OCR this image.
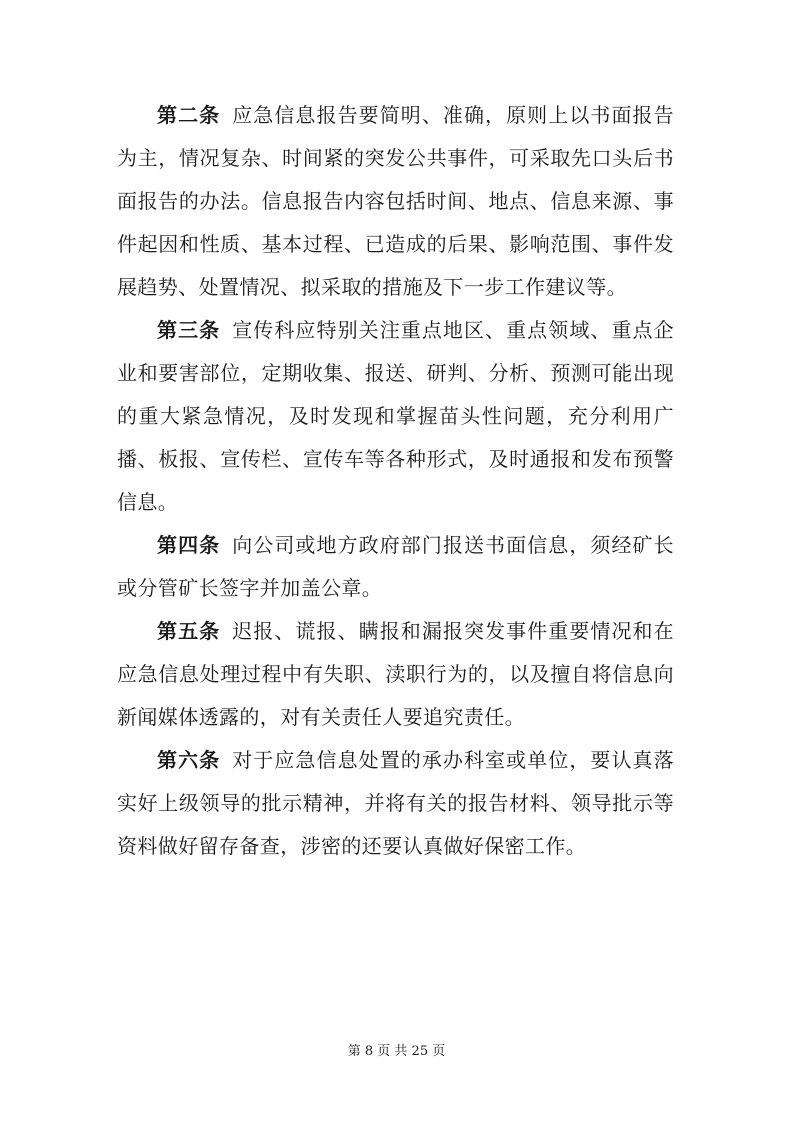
第二条 应急信息报告要简明、准确，原则上以书面报告为主，情况复杂、时间紧的突发公共事件，可采取先口头后书面报告的办法。信息报告内容包括时间、地点、信息来源、事件起因和性质、基本过程、已造成的后果、影响范围、事件发展趋势、处置情况、拟采取的措施及下一步工作建议等。

第三条 宣传科应特别关注重点地区、重点领域、重点企业和要害部位，定期收集、报送、研判、分析、预测可能出现的重大紧急情况，及时发现和掌握苗头性问题，充分利用广播、板报、宣传栏、宣传车等各种形式，及时通报和发布预警信息。

第四条 向公司或地方政府部门报送书面信息，须经矿长或分管矿长签字并加盖公章。

第五条 迟报、谎报、瞒报和漏报突发事件重要情况和在应急信息处理过程中有失职、渎职行为的，以及擅自将信息向新闻媒体透露的，对有关责任人要追究责任。

第六条 对于应急信息处置的承办科室或单位，要认真落实好上级领导的批示精神，并将有关的报告材料、领导批示等资料做好留存备查，涉密的还要认真做好保密工作。

第 8 页 共 25 页
